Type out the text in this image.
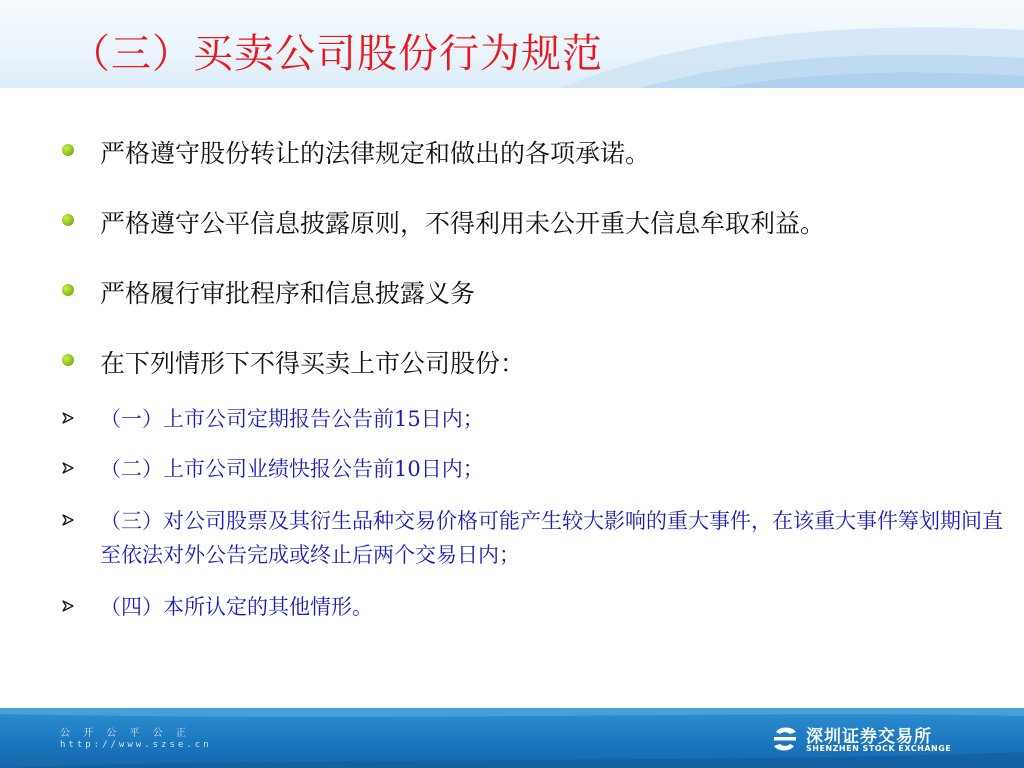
（三）买卖公司股份行为规范
严格遵守股份转让的法律规定和做出的各项承诺。
严格遵守公平信息披露原则，不得利用未公开重大信息牟取利益。
严格履行审批程序和信息披露义务
在下列情形下不得买卖上市公司股份：
（一）上市公司定期报告公告前15日内；
（二）上市公司业绩快报公告前10日内；
（三）对公司股票及其衍生品种交易价格可能产生较大影响的重大事件，在该重大事件筹划期间直至依法对外公告完成或终止后两个交易日内；
（四）本所认定的其他情形。
公 开 公 平 公 正
http://www.szse.cn	深圳证券交易所
SHENZHEN STOCK EXCHANGE
